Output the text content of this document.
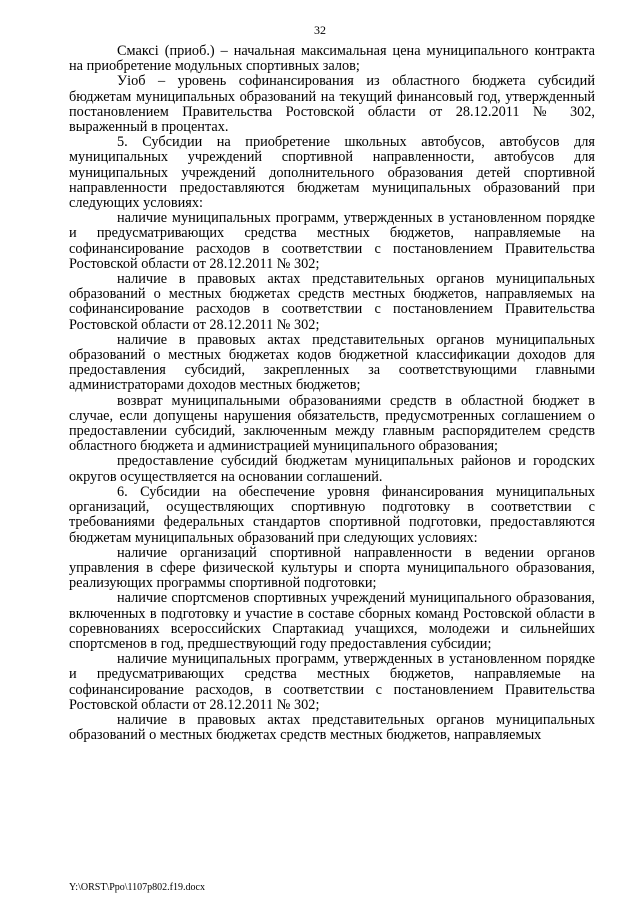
32

Смаксі (приоб.) – начальная максимальная цена муниципального контракта на приобретение модульных спортивных залов;

Уіоб – уровень софинансирования из областного бюджета субсидий бюджетам муниципальных образований на текущий финансовый год, утвержденный постановлением Правительства Ростовской области от 28.12.2011 № 302, выраженный в процентах.

5. Субсидии на приобретение школьных автобусов, автобусов для муниципальных учреждений спортивной направленности, автобусов для муниципальных учреждений дополнительного образования детей спортивной направленности предоставляются бюджетам муниципальных образований при следующих условиях:

наличие муниципальных программ, утвержденных в установленном порядке и предусматривающих средства местных бюджетов, направляемые на софинансирование расходов в соответствии с постановлением Правительства Ростовской области от 28.12.2011 № 302;

наличие в правовых актах представительных органов муниципальных образований о местных бюджетах средств местных бюджетов, направляемых на софинансирование расходов в соответствии с постановлением Правительства Ростовской области от 28.12.2011 № 302;

наличие в правовых актах представительных органов муниципальных образований о местных бюджетах кодов бюджетной классификации доходов для предоставления субсидий, закрепленных за соответствующими главными администраторами доходов местных бюджетов;

возврат муниципальными образованиями средств в областной бюджет в случае, если допущены нарушения обязательств, предусмотренных соглашением о предоставлении субсидий, заключенным между главным распорядителем средств областного бюджета и администрацией муниципального образования;

предоставление субсидий бюджетам муниципальных районов и городских округов осуществляется на основании соглашений.

6. Субсидии на обеспечение уровня финансирования муниципальных организаций, осуществляющих спортивную подготовку в соответствии с требованиями федеральных стандартов спортивной подготовки, предоставляются бюджетам муниципальных образований при следующих условиях:

наличие организаций спортивной направленности в ведении органов управления в сфере физической культуры и спорта муниципального образования, реализующих программы спортивной подготовки;

наличие спортсменов спортивных учреждений муниципального образования, включенных в подготовку и участие в составе сборных команд Ростовской области в соревнованиях всероссийских Спартакиад учащихся, молодежи и сильнейших спортсменов в год, предшествующий году предоставления субсидии;

наличие муниципальных программ, утвержденных в установленном порядке и предусматривающих средства местных бюджетов, направляемые на софинансирование расходов, в соответствии с постановлением Правительства Ростовской области от 28.12.2011 № 302;

наличие в правовых актах представительных органов муниципальных образований о местных бюджетах средств местных бюджетов, направляемых

Y:\ORST\Ppo\1107p802.f19.docx
